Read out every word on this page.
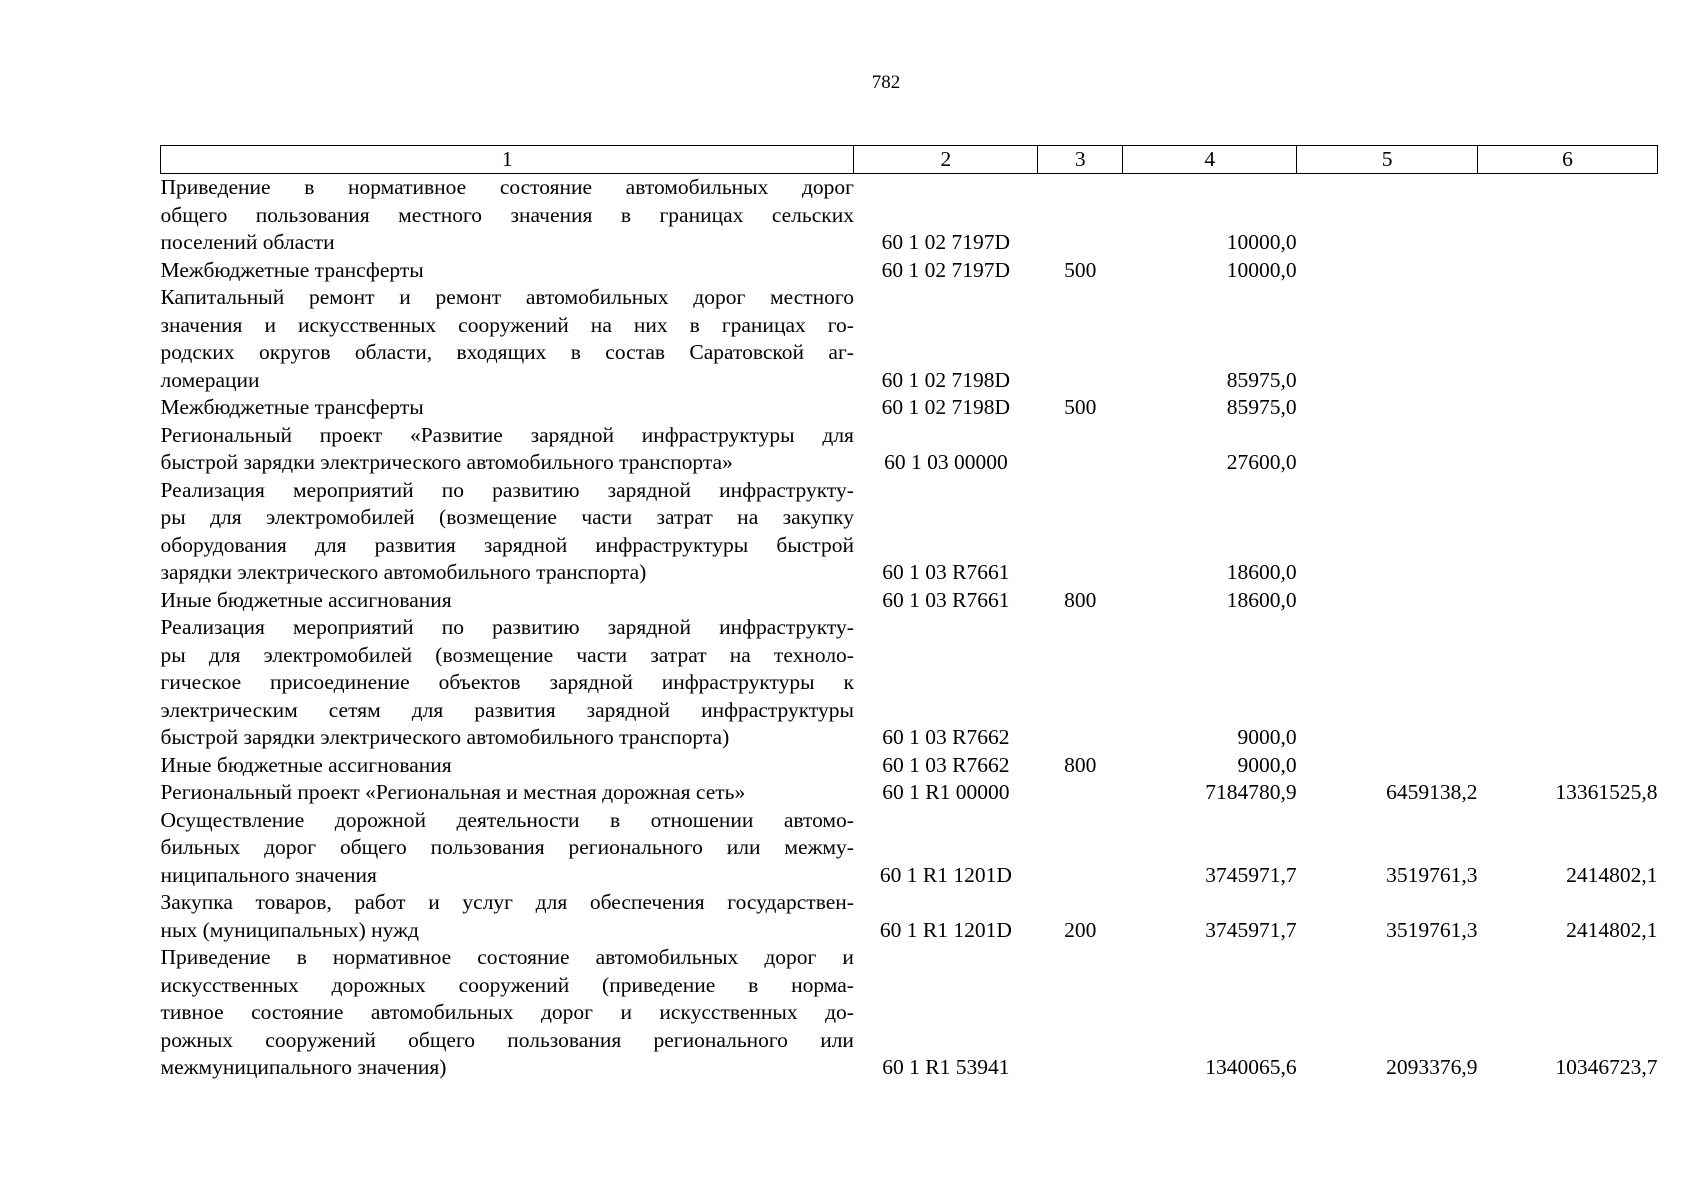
782
1	2	3	4	5	6

Приведение в нормативное состояние автомобильных дорог
общего пользования местного значения в границах сельских
поселений области	60 1 02 7197D		10000,0		

Межбюджетные трансферты	60 1 02 7197D	500	10000,0		

Капитальный ремонт и ремонт автомобильных дорог местного
значения и искусственных сооружений на них в границах го-
родских округов области, входящих в состав Саратовской аг-
ломерации	60 1 02 7198D		85975,0		

Межбюджетные трансферты	60 1 02 7198D	500	85975,0		

Региональный проект «Развитие зарядной инфраструктуры для
быстрой зарядки электрического автомобильного транспорта»	60 1 03 00000		27600,0		

Реализация мероприятий по развитию зарядной инфраструкту-
ры для электромобилей (возмещение части затрат на закупку
оборудования для развития зарядной инфраструктуры быстрой
зарядки электрического автомобильного транспорта)	60 1 03 R7661		18600,0		

Иные бюджетные ассигнования	60 1 03 R7661	800	18600,0		

Реализация мероприятий по развитию зарядной инфраструкту-
ры для электромобилей (возмещение части затрат на техноло-
гическое присоединение объектов зарядной инфраструктуры к
электрическим сетям для развития зарядной инфраструктуры
быстрой зарядки электрического автомобильного транспорта)	60 1 03 R7662		9000,0		

Иные бюджетные ассигнования	60 1 03 R7662	800	9000,0		

Региональный проект «Региональная и местная дорожная сеть»	60 1 R1 00000		7184780,9	6459138,2	13361525,8

Осуществление дорожной деятельности в отношении автомо-
бильных дорог общего пользования регионального или межму-
ниципального значения	60 1 R1 1201D		3745971,7	3519761,3	2414802,1

Закупка товаров, работ и услуг для обеспечения государствен-
ных (муниципальных) нужд	60 1 R1 1201D	200	3745971,7	3519761,3	2414802,1

Приведение в нормативное состояние автомобильных дорог и
искусственных дорожных сооружений (приведение в норма-
тивное состояние автомобильных дорог и искусственных до-
рожных сооружений общего пользования регионального или
межмуниципального значения)	60 1 R1 53941		1340065,6	2093376,9	10346723,7
